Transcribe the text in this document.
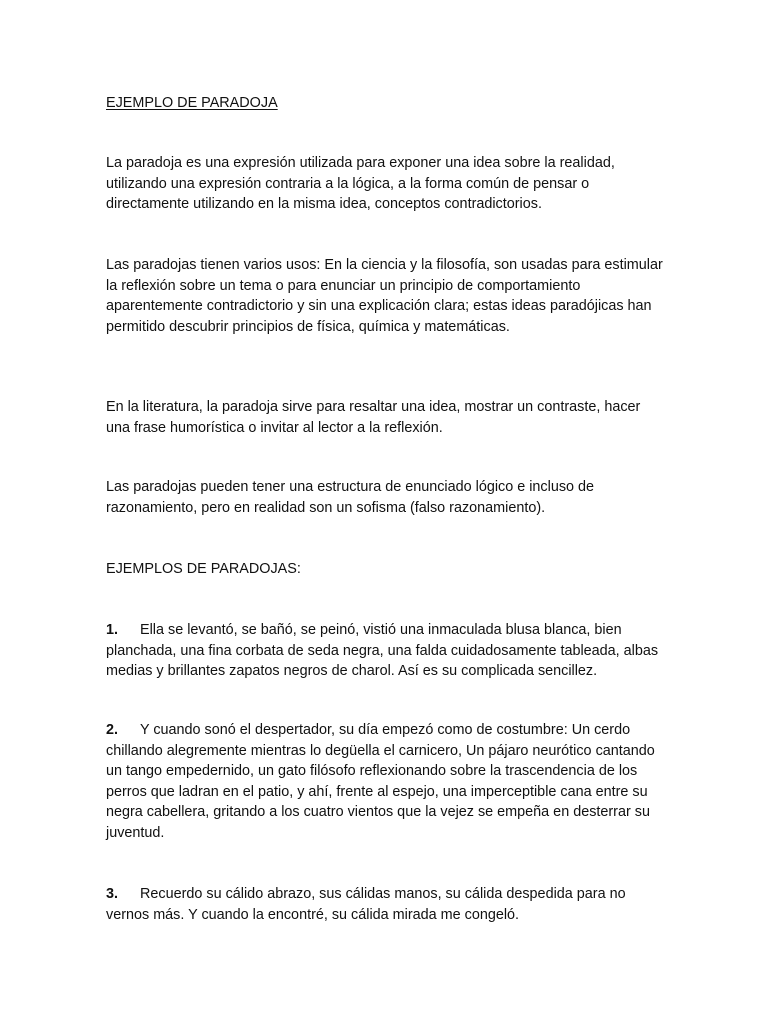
EJEMPLO DE PARADOJA

La paradoja es una expresión utilizada para exponer una idea sobre la realidad, utilizando una expresión contraria a la lógica, a la forma común de pensar o directamente utilizando en la misma idea, conceptos contradictorios.

Las paradojas tienen varios usos: En la ciencia y la filosofía, son usadas para estimular la reflexión sobre un tema o para enunciar un principio de comportamiento aparentemente contradictorio y sin una explicación clara; estas ideas paradójicas han permitido descubrir principios de física, química y matemáticas.

En la literatura, la paradoja sirve para resaltar una idea, mostrar un contraste, hacer una frase humorística o invitar al lector a la reflexión.

Las paradojas pueden tener una estructura de enunciado lógico e incluso de razonamiento, pero en realidad son un sofisma (falso razonamiento).

EJEMPLOS DE PARADOJAS:

1. Ella se levantó, se bañó, se peinó, vistió una inmaculada blusa blanca, bien planchada, una fina corbata de seda negra, una falda cuidadosamente tableada, albas medias y brillantes zapatos negros de charol. Así es su complicada sencillez.

2. Y cuando sonó el despertador, su día empezó como de costumbre: Un cerdo chillando alegremente mientras lo degüella el carnicero, Un pájaro neurótico cantando un tango empedernido, un gato filósofo reflexionando sobre la trascendencia de los perros que ladran en el patio, y ahí, frente al espejo, una imperceptible cana entre su negra cabellera, gritando a los cuatro vientos que la vejez se empeña en desterrar su juventud.

3. Recuerdo su cálido abrazo, sus cálidas manos, su cálida despedida para no vernos más. Y cuando la encontré, su cálida mirada me congeló.
